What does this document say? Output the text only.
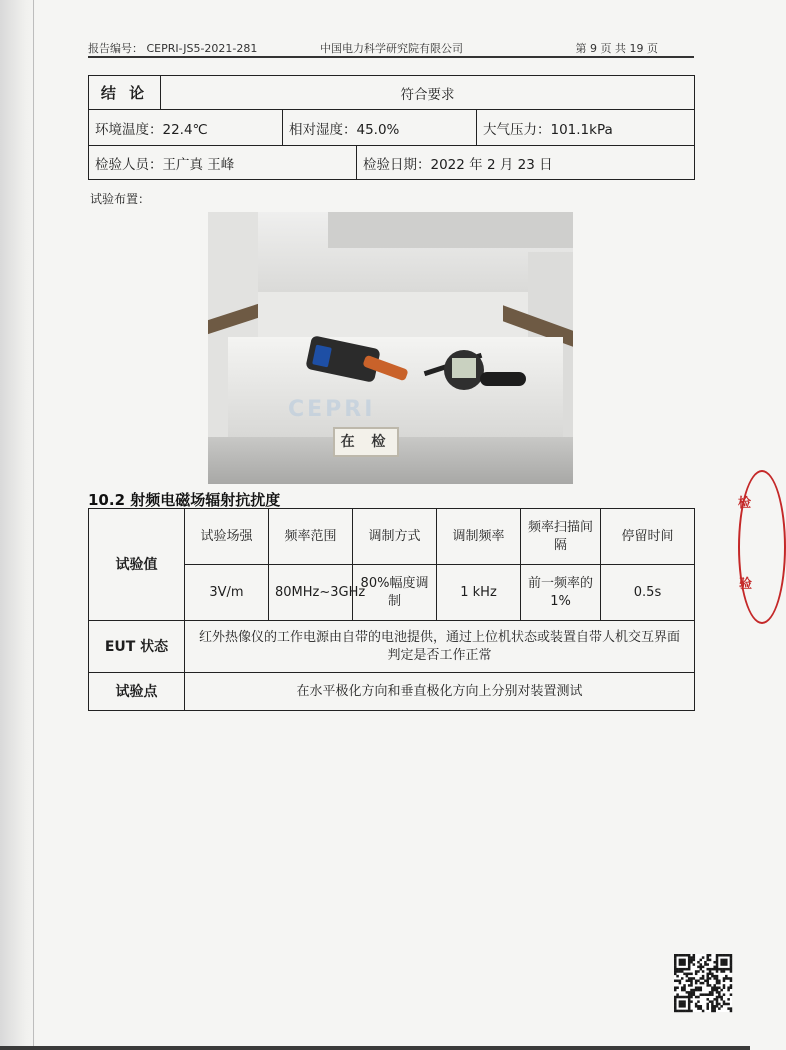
报告编号： CEPRI-JS5-2021-281	中国电力科学研究院有限公司	第 9 页 共 19 页
结 论	符合要求			
环境温度：22.4℃		相对湿度：45.0%		大气压力：101.1kPa
检验人员：王广真 王峰			检验日期：2022 年 2 月 23 日	
试验布置：
CEPRI
在 检
10.2 射频电磁场辐射抗扰度
试验值	试验场强	频率范围	调制方式	调制频率	频率扫描间隔	停留时间
	3V/m	80MHz~3GHz	80%幅度调制	1 kHz	前一频率的 1%	0.5s
EUT 状态	红外热像仪的工作电源由自带的电池提供，通过上位机状态或装置自带人机交互界面判定是否工作正常					
试验点	在水平极化方向和垂直极化方向上分别对装置测试					
检
验
